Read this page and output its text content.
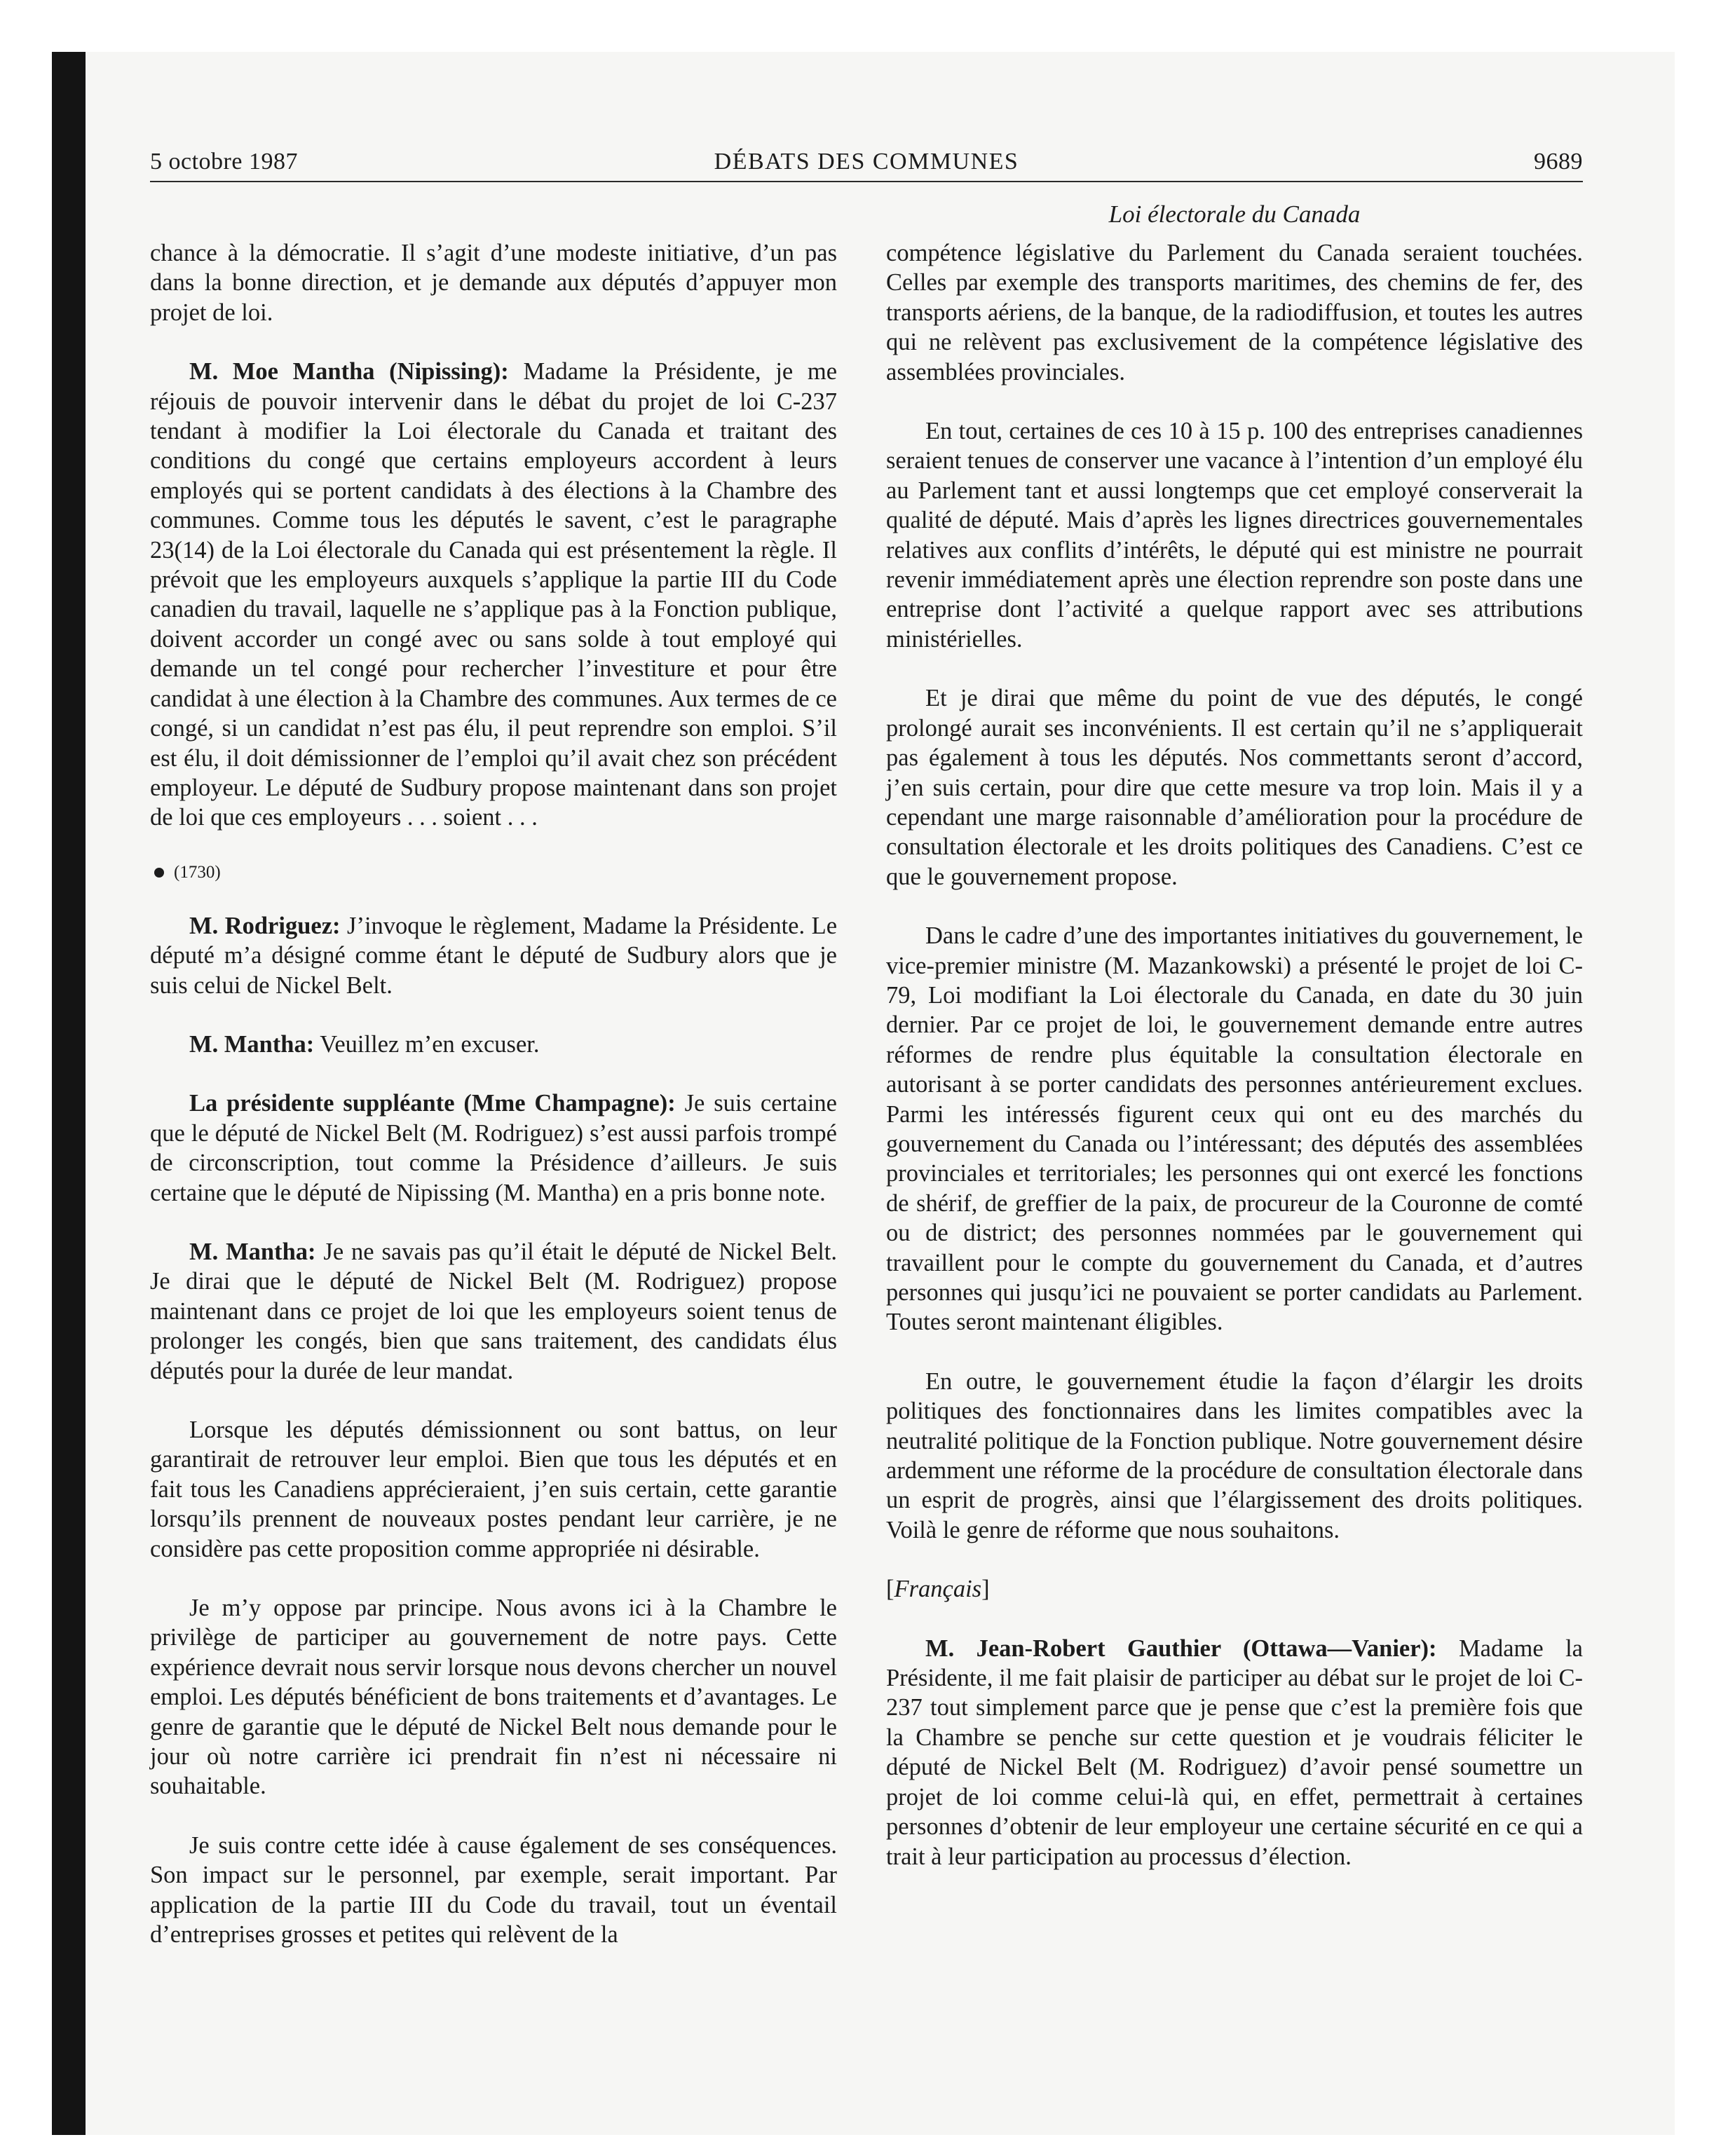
5 octobre 1987	DÉBATS DES COMMUNES	9689
Loi électorale du Canada

chance à la démocratie. Il s’agit d’une modeste initiative, d’un pas dans la bonne direction, et je demande aux députés d’appuyer mon projet de loi.

M. Moe Mantha (Nipissing): Madame la Présidente, je me réjouis de pouvoir intervenir dans le débat du projet de loi C-237 tendant à modifier la Loi électorale du Canada et traitant des conditions du congé que certains employeurs accordent à leurs employés qui se portent candidats à des élections à la Chambre des communes. Comme tous les députés le savent, c’est le paragraphe 23(14) de la Loi électorale du Canada qui est présentement la règle. Il prévoit que les employeurs auxquels s’applique la partie III du Code canadien du travail, laquelle ne s’applique pas à la Fonction publique, doivent accorder un congé avec ou sans solde à tout employé qui demande un tel congé pour rechercher l’investiture et pour être candidat à une élection à la Chambre des communes. Aux termes de ce congé, si un candidat n’est pas élu, il peut reprendre son emploi. S’il est élu, il doit démissionner de l’emploi qu’il avait chez son précédent employeur. Le député de Sudbury propose maintenant dans son projet de loi que ces employeurs . . . soient . . .

(1730)

M. Rodriguez: J’invoque le règlement, Madame la Présidente. Le député m’a désigné comme étant le député de Sudbury alors que je suis celui de Nickel Belt.

M. Mantha: Veuillez m’en excuser.

La présidente suppléante (Mme Champagne): Je suis certaine que le député de Nickel Belt (M. Rodriguez) s’est aussi parfois trompé de circonscription, tout comme la Présidence d’ailleurs. Je suis certaine que le député de Nipissing (M. Mantha) en a pris bonne note.

M. Mantha: Je ne savais pas qu’il était le député de Nickel Belt. Je dirai que le député de Nickel Belt (M. Rodriguez) propose maintenant dans ce projet de loi que les employeurs soient tenus de prolonger les congés, bien que sans traitement, des candidats élus députés pour la durée de leur mandat.

Lorsque les députés démissionnent ou sont battus, on leur garantirait de retrouver leur emploi. Bien que tous les députés et en fait tous les Canadiens apprécieraient, j’en suis certain, cette garantie lorsqu’ils prennent de nouveaux postes pendant leur carrière, je ne considère pas cette proposition comme appropriée ni désirable.

Je m’y oppose par principe. Nous avons ici à la Chambre le privilège de participer au gouvernement de notre pays. Cette expérience devrait nous servir lorsque nous devons chercher un nouvel emploi. Les députés bénéficient de bons traitements et d’avantages. Le genre de garantie que le député de Nickel Belt nous demande pour le jour où notre carrière ici prendrait fin n’est ni nécessaire ni souhaitable.

Je suis contre cette idée à cause également de ses conséquences. Son impact sur le personnel, par exemple, serait important. Par application de la partie III du Code du travail, tout un éventail d’entreprises grosses et petites qui relèvent de la

compétence législative du Parlement du Canada seraient touchées. Celles par exemple des transports maritimes, des chemins de fer, des transports aériens, de la banque, de la radiodiffusion, et toutes les autres qui ne relèvent pas exclusivement de la compétence législative des assemblées provinciales.

En tout, certaines de ces 10 à 15 p. 100 des entreprises canadiennes seraient tenues de conserver une vacance à l’intention d’un employé élu au Parlement tant et aussi longtemps que cet employé conserverait la qualité de député. Mais d’après les lignes directrices gouvernementales relatives aux conflits d’intérêts, le député qui est ministre ne pourrait revenir immédiatement après une élection reprendre son poste dans une entreprise dont l’activité a quelque rapport avec ses attributions ministérielles.

Et je dirai que même du point de vue des députés, le congé prolongé aurait ses inconvénients. Il est certain qu’il ne s’appliquerait pas également à tous les députés. Nos commettants seront d’accord, j’en suis certain, pour dire que cette mesure va trop loin. Mais il y a cependant une marge raisonnable d’amélioration pour la procédure de consultation électorale et les droits politiques des Canadiens. C’est ce que le gouvernement propose.

Dans le cadre d’une des importantes initiatives du gouvernement, le vice-premier ministre (M. Mazankowski) a présenté le projet de loi C-79, Loi modifiant la Loi électorale du Canada, en date du 30 juin dernier. Par ce projet de loi, le gouvernement demande entre autres réformes de rendre plus équitable la consultation électorale en autorisant à se porter candidats des personnes antérieurement exclues. Parmi les intéressés figurent ceux qui ont eu des marchés du gouvernement du Canada ou l’intéressant; des députés des assemblées provinciales et territoriales; les personnes qui ont exercé les fonctions de shérif, de greffier de la paix, de procureur de la Couronne de comté ou de district; des personnes nommées par le gouvernement qui travaillent pour le compte du gouvernement du Canada, et d’autres personnes qui jusqu’ici ne pouvaient se porter candidats au Parlement. Toutes seront maintenant éligibles.

En outre, le gouvernement étudie la façon d’élargir les droits politiques des fonctionnaires dans les limites compatibles avec la neutralité politique de la Fonction publique. Notre gouvernement désire ardemment une réforme de la procédure de consultation électorale dans un esprit de progrès, ainsi que l’élargissement des droits politiques. Voilà le genre de réforme que nous souhaitons.

[Français]

M. Jean-Robert Gauthier (Ottawa—Vanier): Madame la Présidente, il me fait plaisir de participer au débat sur le projet de loi C-237 tout simplement parce que je pense que c’est la première fois que la Chambre se penche sur cette question et je voudrais féliciter le député de Nickel Belt (M. Rodriguez) d’avoir pensé soumettre un projet de loi comme celui-là qui, en effet, permettrait à certaines personnes d’obtenir de leur employeur une certaine sécurité en ce qui a trait à leur participation au processus d’élection.
